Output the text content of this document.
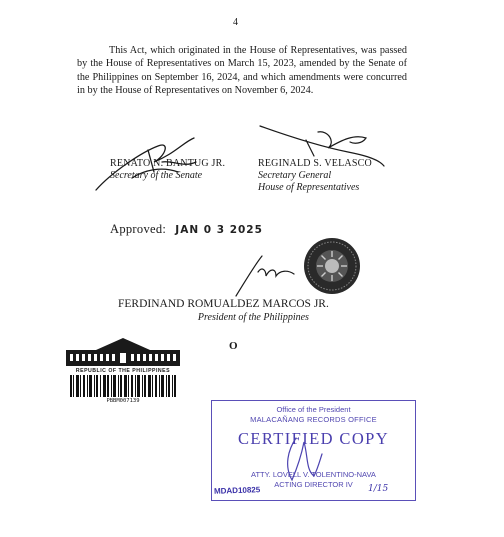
4

This Act, which originated in the House of Representatives, was passed by the House of Representatives on March 15, 2023, amended by the Senate of the Philippines on September 16, 2024, and which amendments were concurred in by the House of Representatives on November 6, 2024.

RENATO N. BANTUG JR.
Secretary of the Senate
REGINALD S. VELASCO
Secretary General
House of Representatives
Approved: JAN 0 3 2025
FERDINAND ROMUALDEZ MARCOS JR.
President of the Philippines
O
REPUBLIC OF THE PHILIPPINES
PBBM007139
Office of the President
MALACAÑANG RECORDS OFFICE
CERTIFIED COPY
ATTY. LOVELL V. TOLENTINO-NAVA
ACTING DIRECTOR IV
MDAD10825	1/15
